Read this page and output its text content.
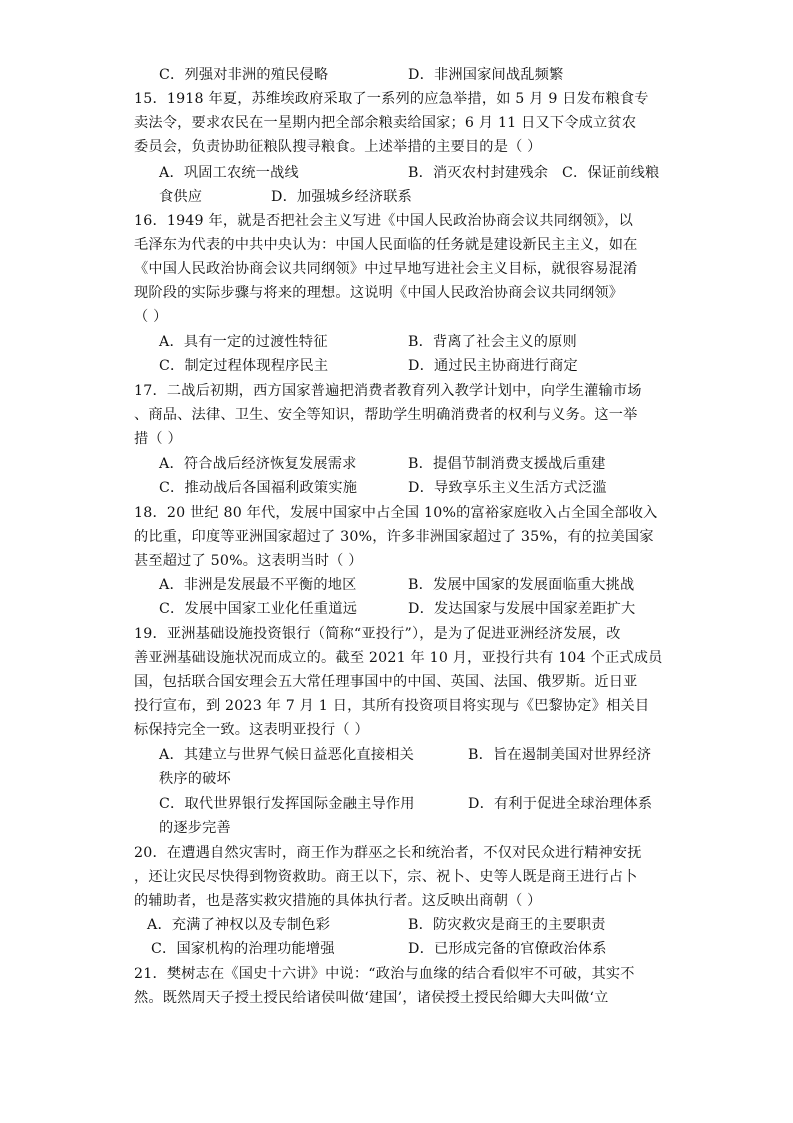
C．列强对非洲的殖民侵略	D．非洲国家间战乱频繁
15．1918 年夏，苏维埃政府采取了一系列的应急举措，如 5 月 9 日发布粮食专
卖法令，要求农民在一星期内把全部余粮卖给国家；6 月 11 日又下令成立贫农
委员会，负责协助征粮队搜寻粮食。上述举措的主要目的是（ ）
A．巩固工农统一战线	B．消灭农村封建残余 C．保证前线粮
食供应	D．加强城乡经济联系
16．1949 年，就是否把社会主义写进《中国人民政治协商会议共同纲领》，以
毛泽东为代表的中共中央认为：中国人民面临的任务就是建设新民主主义，如在
《中国人民政治协商会议共同纲领》中过早地写进社会主义目标，就很容易混淆
现阶段的实际步骤与将来的理想。这说明《中国人民政治协商会议共同纲领》
（ ）
A．具有一定的过渡性特征	B．背离了社会主义的原则
C．制定过程体现程序民主	D．通过民主协商进行商定
17．二战后初期，西方国家普遍把消费者教育列入教学计划中，向学生灌输市场
、商品、法律、卫生、安全等知识，帮助学生明确消费者的权利与义务。这一举
措（ ）
A．符合战后经济恢复发展需求	B．提倡节制消费支援战后重建
C．推动战后各国福利政策实施	D．导致享乐主义生活方式泛滥
18．20 世纪 80 年代，发展中国家中占全国 10%的富裕家庭收入占全国全部收入
的比重，印度等亚洲国家超过了 30%，许多非洲国家超过了 35%，有的拉美国家
甚至超过了 50%。这表明当时（ ）
A．非洲是发展最不平衡的地区	B．发展中国家的发展面临重大挑战
C．发展中国家工业化任重道远	D．发达国家与发展中国家差距扩大
19．亚洲基础设施投资银行（简称“亚投行”），是为了促进亚洲经济发展，改
善亚洲基础设施状况而成立的。截至 2021 年 10 月，亚投行共有 104 个正式成员
国，包括联合国安理会五大常任理事国中的中国、英国、法国、俄罗斯。近日亚
投行宣布，到 2023 年 7 月 1 日，其所有投资项目将实现与《巴黎协定》相关目
标保持完全一致。这表明亚投行（ ）
A．其建立与世界气候日益恶化直接相关	B．旨在遏制美国对世界经济
秩序的破坏
C．取代世界银行发挥国际金融主导作用	D．有利于促进全球治理体系
的逐步完善
20．在遭遇自然灾害时，商王作为群巫之长和统治者，不仅对民众进行精神安抚
，还让灾民尽快得到物资救助。商王以下，宗、祝卜、史等人既是商王进行占卜
的辅助者，也是落实救灾措施的具体执行者。这反映出商朝（ ）
A．充满了神权以及专制色彩	B．防灾救灾是商王的主要职责
C．国家机构的治理功能增强	D．已形成完备的官僚政治体系
21．樊树志在《国史十六讲》中说：“政治与血缘的结合看似牢不可破，其实不
然。既然周天子授土授民给诸侯叫做‘建国’，诸侯授土授民给卿大夫叫做‘立
